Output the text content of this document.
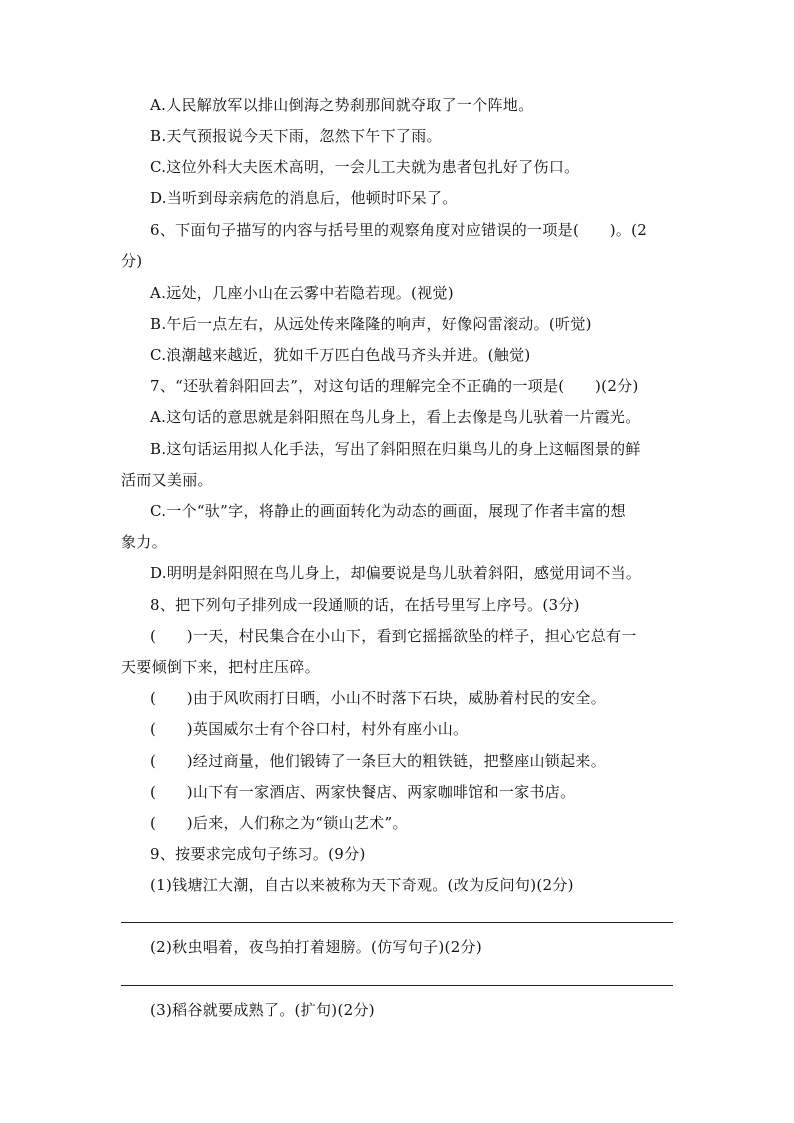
A.人民解放军以排山倒海之势刹那间就夺取了一个阵地。
B.天气预报说今天下雨，忽然下午下了雨。
C.这位外科大夫医术高明，一会儿工夫就为患者包扎好了伤口。
D.当听到母亲病危的消息后，他顿时吓呆了。
6、下面句子描写的内容与括号里的观察角度对应错误的一项是(　　)。(2
分)
A.远处，几座小山在云雾中若隐若现。(视觉)
B.午后一点左右，从远处传来隆隆的响声，好像闷雷滚动。(听觉)
C.浪潮越来越近，犹如千万匹白色战马齐头并进。(触觉)
7、“还驮着斜阳回去”，对这句话的理解完全不正确的一项是(　　)(2分)
A.这句话的意思就是斜阳照在鸟儿身上，看上去像是鸟儿驮着一片霞光。
B.这句话运用拟人化手法，写出了斜阳照在归巢鸟儿的身上这幅图景的鲜
活而又美丽。
C.一个“驮”字，将静止的画面转化为动态的画面，展现了作者丰富的想
象力。
D.明明是斜阳照在鸟儿身上，却偏要说是鸟儿驮着斜阳，感觉用词不当。
8、把下列句子排列成一段通顺的话，在括号里写上序号。(3分)
(　　)一天，村民集合在小山下，看到它摇摇欲坠的样子，担心它总有一
天要倾倒下来，把村庄压碎。
(　　)由于风吹雨打日晒，小山不时落下石块，威胁着村民的安全。
(　　)英国威尔士有个谷口村，村外有座小山。
(　　)经过商量，他们锻铸了一条巨大的粗铁链，把整座山锁起来。
(　　)山下有一家酒店、两家快餐店、两家咖啡馆和一家书店。
(　　)后来，人们称之为“锁山艺术”。
9、按要求完成句子练习。(9分)
(1)钱塘江大潮，自古以来被称为天下奇观。(改为反问句)(2分)
(2)秋虫唱着，夜鸟拍打着翅膀。(仿写句子)(2分)
(3)稻谷就要成熟了。(扩句)(2分)
